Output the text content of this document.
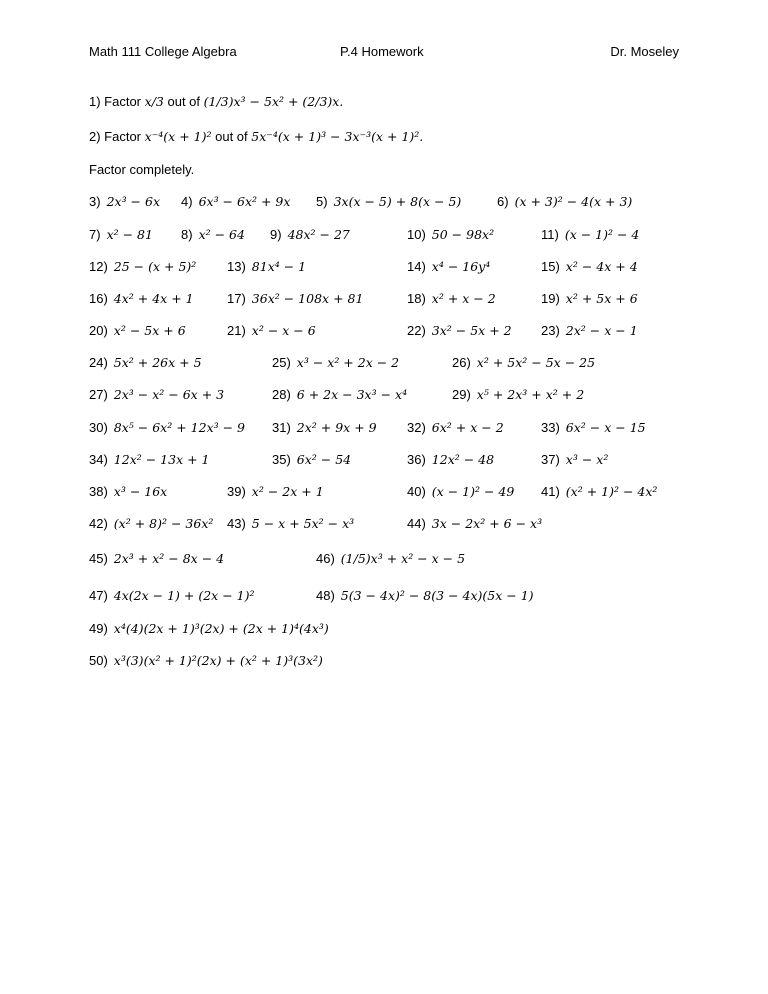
Math 111 College Algebra	P.4 Homework	Dr. Moseley
1) Factor x/3 out of (1/3)x³ − 5x² + (2/3)x.
2) Factor x⁻⁴(x + 1)² out of 5x⁻⁴(x + 1)³ − 3x⁻³(x + 1)².
Factor completely.
3) 2x³ − 6x 4) 6x³ − 6x² + 9x 5) 3x(x − 5) + 8(x − 5)	6) (x + 3)² − 4(x + 3)
7) x² − 81 8) x² − 64 9) 48x² − 27	10) 50 − 98x²	11) (x − 1)² − 4
12) 25 − (x + 5)² 13) 81x⁴ − 1	14) x⁴ − 16y⁴	15) x² − 4x + 4
16) 4x² + 4x + 1	17) 36x² − 108x + 81	18) x² + x − 2	19) x² + 5x + 6
20) x² − 5x + 6	21) x² − x − 6	22) 3x² − 5x + 2 23) 2x² − x − 1
24) 5x² + 26x + 5	25) x³ − x² + 2x − 2	26) x² + 5x² − 5x − 25
27) 2x³ − x² − 6x + 3	28) 6 + 2x − 3x³ − x⁴	29) x⁵ + 2x³ + x² + 2
30) 8x⁵ − 6x² + 12x³ − 9 31) 2x² + 9x + 9 32) 6x² + x − 2	33) 6x² − x − 15
34) 12x² − 13x + 1	35) 6x² − 54	36) 12x² − 48	37) x³ − x²
38) x³ − 16x	39) x² − 2x + 1	40) (x − 1)² − 49 41) (x² + 1)² − 4x²
42) (x² + 8)² − 36x² 43) 5 − x + 5x² − x³	44) 3x − 2x² + 6 − x³
45) 2x³ + x² − 8x − 4	46) (1/5)x³ + x² − x − 5
47) 4x(2x − 1) + (2x − 1)²	48) 5(3 − 4x)² − 8(3 − 4x)(5x − 1)
49) x⁴(4)(2x + 1)³(2x) + (2x + 1)⁴(4x³)
50) x³(3)(x² + 1)²(2x) + (x² + 1)³(3x²)
